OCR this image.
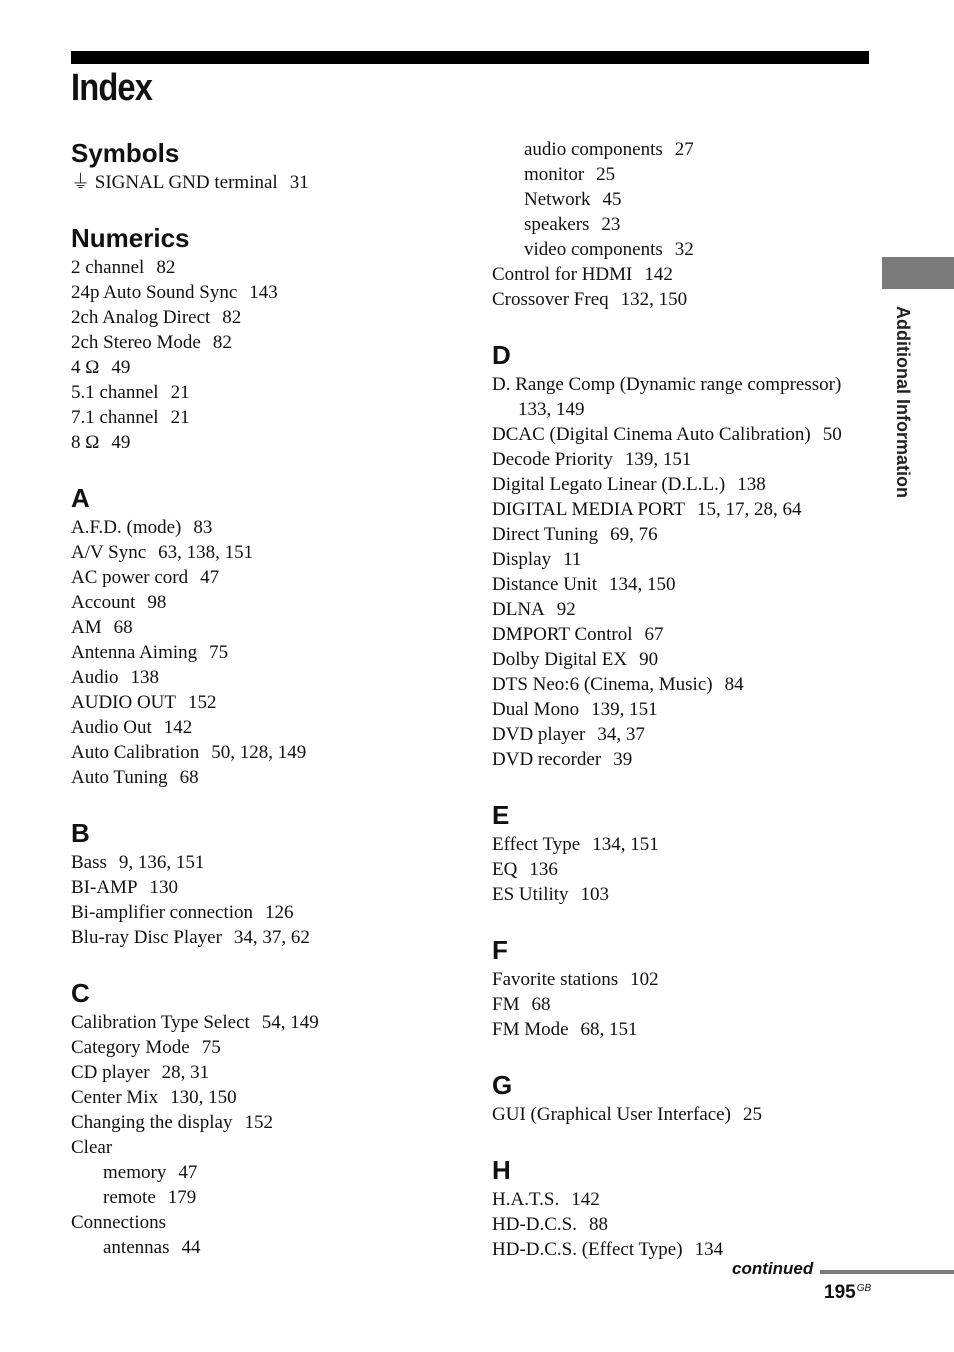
Index
Symbols
⏚ SIGNAL GND terminal 31
Numerics
2 channel 82
24p Auto Sound Sync 143
2ch Analog Direct 82
2ch Stereo Mode 82
4 Ω 49
5.1 channel 21
7.1 channel 21
8 Ω 49
A
A.F.D. (mode) 83
A/V Sync 63, 138, 151
AC power cord 47
Account 98
AM 68
Antenna Aiming 75
Audio 138
AUDIO OUT 152
Audio Out 142
Auto Calibration 50, 128, 149
Auto Tuning 68
B
Bass 9, 136, 151
BI-AMP 130
Bi-amplifier connection 126
Blu-ray Disc Player 34, 37, 62
C
Calibration Type Select 54, 149
Category Mode 75
CD player 28, 31
Center Mix 130, 150
Changing the display 152
Clear
memory 47
remote 179
Connections
antennas 44
audio components 27
monitor 25
Network 45
speakers 23
video components 32
Control for HDMI 142
Crossover Freq 132, 150
D
D. Range Comp (Dynamic range compressor)
133, 149
DCAC (Digital Cinema Auto Calibration) 50
Decode Priority 139, 151
Digital Legato Linear (D.L.L.) 138
DIGITAL MEDIA PORT 15, 17, 28, 64
Direct Tuning 69, 76
Display 11
Distance Unit 134, 150
DLNA 92
DMPORT Control 67
Dolby Digital EX 90
DTS Neo:6 (Cinema, Music) 84
Dual Mono 139, 151
DVD player 34, 37
DVD recorder 39
E
Effect Type 134, 151
EQ 136
ES Utility 103
F
Favorite stations 102
FM 68
FM Mode 68, 151
G
GUI (Graphical User Interface) 25
H
H.A.T.S. 142
HD-D.C.S. 88
HD-D.C.S. (Effect Type) 134
Additional Information
continued
$195^{GB}$
